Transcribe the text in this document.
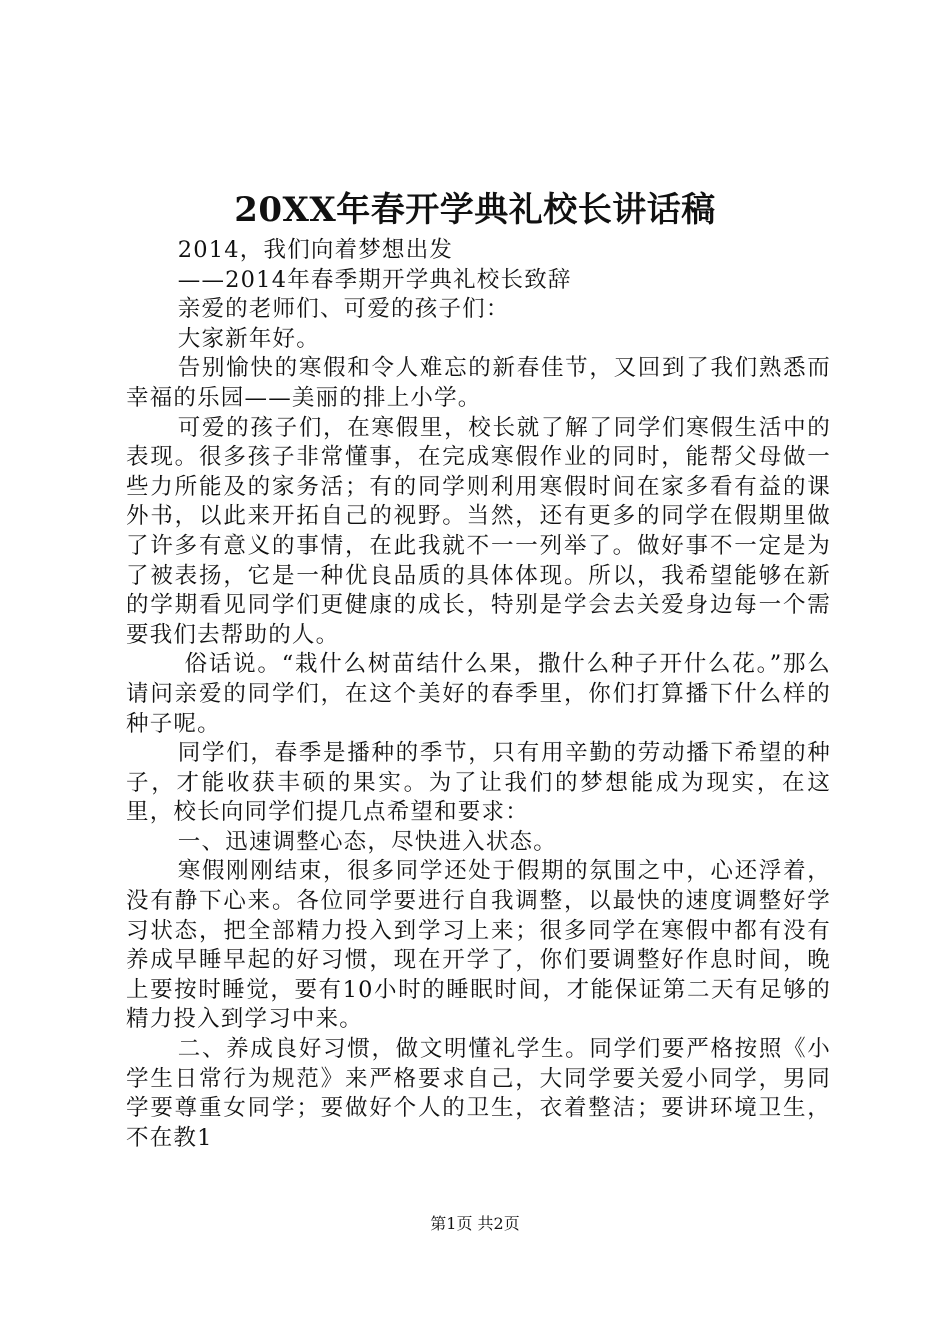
20XX年春开学典礼校长讲话稿

2014，我们向着梦想出发

——2014年春季期开学典礼校长致辞

亲爱的老师们、可爱的孩子们：

大家新年好。

告别愉快的寒假和令人难忘的新春佳节，又回到了我们熟悉而幸福的乐园——美丽的排上小学。

可爱的孩子们，在寒假里，校长就了解了同学们寒假生活中的表现。很多孩子非常懂事，在完成寒假作业的同时，能帮父母做一些力所能及的家务活；有的同学则利用寒假时间在家多看有益的课外书，以此来开拓自己的视野。当然，还有更多的同学在假期里做了许多有意义的事情，在此我就不一一列举了。做好事不一定是为了被表扬，它是一种优良品质的具体体现。所以，我希望能够在新的学期看见同学们更健康的成长，特别是学会去关爱身边每一个需要我们去帮助的人。

俗话说。“栽什么树苗结什么果，撒什么种子开什么花。”那么请问亲爱的同学们，在这个美好的春季里，你们打算播下什么样的种子呢。

同学们，春季是播种的季节，只有用辛勤的劳动播下希望的种子，才能收获丰硕的果实。为了让我们的梦想能成为现实，在这里，校长向同学们提几点希望和要求：

一、迅速调整心态，尽快进入状态。

寒假刚刚结束，很多同学还处于假期的氛围之中，心还浮着，没有静下心来。各位同学要进行自我调整，以最快的速度调整好学习状态，把全部精力投入到学习上来；很多同学在寒假中都有没有养成早睡早起的好习惯，现在开学了，你们要调整好作息时间，晚上要按时睡觉，要有10小时的睡眠时间，才能保证第二天有足够的精力投入到学习中来。

二、养成良好习惯，做文明懂礼学生。同学们要严格按照《小学生日常行为规范》来严格要求自己，大同学要关爱小同学，男同学要尊重女同学；要做好个人的卫生，衣着整洁；要讲环境卫生，不在教1

第1页 共2页
